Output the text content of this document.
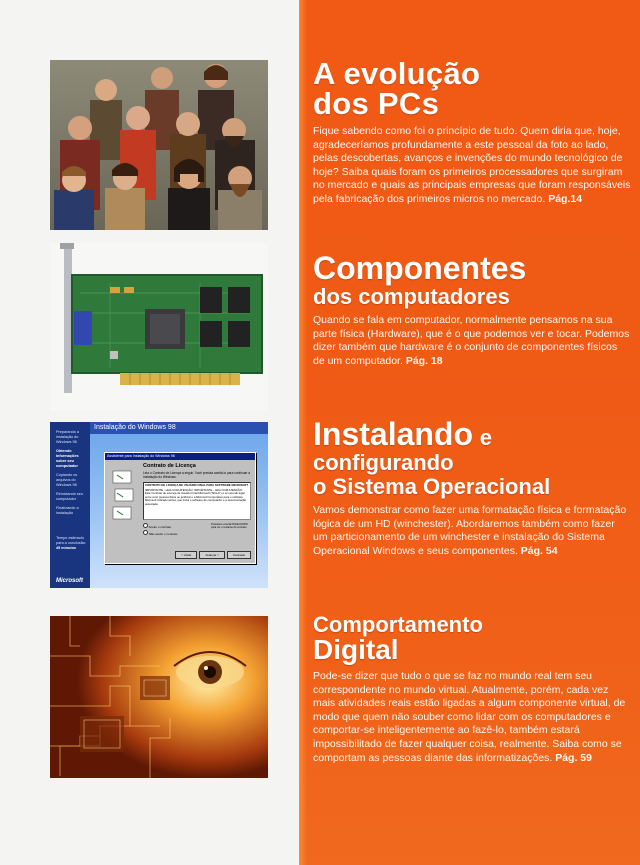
Instalação do Windows 98
Preparando a instalação do Windows 98
Obtendo informações sobre seu computador
Copiando os arquivos do Windows 98
Reiniciando seu computador
Finalizando a instalação
Tempo estimado para a conclusão:
45 minutos
Microsoft
Assistente para Instalação do Windows 98
Contrato de Licença
Leia o Contrato de Licença a seguir. Você precisa aceitá-lo para continuar a Instalação do Windows.
CONTRATO DE LICENÇA DE USUÁRIO FINAL PARA SOFTWARE MICROSOFT
IMPORTANTE - LEIA COM ATENÇÃO: IMPORTANTE - LEIA COM ATENÇÃO: Este Contrato de Licença de Usuário Final Microsoft ("EULA") é um acordo legal entre você (pessoa física ou jurídica) e a Microsoft Corporation para o software Microsoft indicado acima, que inclui o software de computador e a documentação associada.
Aceito o contrato
Não aceito o contrato
Pressione a tecla PAGE DOWN para ver o restante do contrato.
< Voltar	Avançar >	Cancelar
A evolução
dos PCs

Fique sabendo como foi o princípio de tudo. Quem diria que, hoje, agradeceríamos profundamente a este pessoal da foto ao lado, pelas descobertas, avanços e invenções do mundo tecnológico de hoje? Saiba quais foram os primeiros processadores que surgiram no mercado e quais as principais empresas que foram responsáveis pela fabricação dos primeiros micros no mercado. Pág.14

Componentes
dos computadores

Quando se fala em computador, normalmente pensamos na sua parte física (Hardware), que é o que podemos ver e tocar. Podemos dizer também que hardware é o conjunto de componentes físicos de um computador. Pág. 18

Instalando e
configurando
o Sistema Operacional

Vamos demonstrar como fazer uma formatação física e formatação lógica de um HD (winchester). Abordaremos também como fazer um particionamento de um winchester e instalação do Sistema Operacional Windows e seus componentes. Pág. 54

Comportamento
Digital

Pode-se dizer que tudo o que se faz no mundo real tem seu correspondente no mundo virtual. Atualmente, porém, cada vez mais atividades reais estão ligadas a algum componente virtual, de modo que quem não souber como lidar com os computadores e comportar-se inteligentemente ao fazê-lo, também estará impossibilitado de fazer qualquer coisa, realmente. Saiba como se comportam as pessoas diante das informatizações. Pág. 59
